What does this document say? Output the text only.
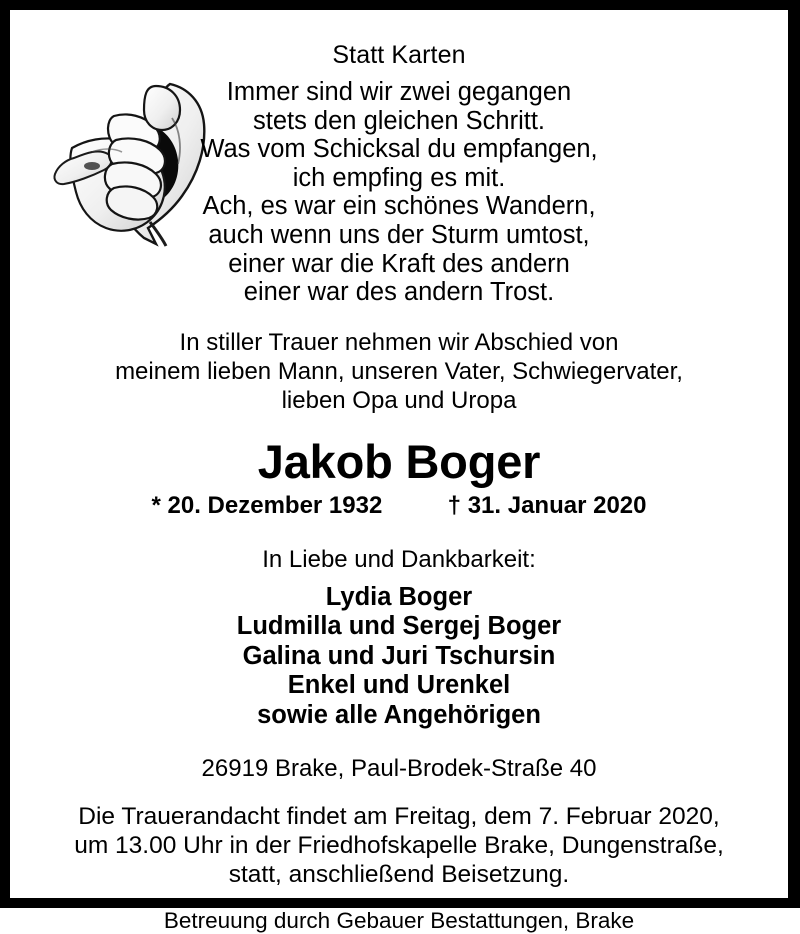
Statt Karten
Immer sind wir zwei gegangen
stets den gleichen Schritt.
Was vom Schicksal du empfangen,
ich empfing es mit.
Ach, es war ein schönes Wandern,
auch wenn uns der Sturm umtost,
einer war die Kraft des andern
einer war des andern Trost.
In stiller Trauer nehmen wir Abschied von
meinem lieben Mann, unseren Vater, Schwiegervater,
lieben Opa und Uropa
Jakob Boger
* 20. Dezember 1932	† 31. Januar 2020
In Liebe und Dankbarkeit:
Lydia Boger
Ludmilla und Sergej Boger
Galina und Juri Tschursin
Enkel und Urenkel
sowie alle Angehörigen
26919 Brake, Paul-Brodek-Straße 40
Die Trauerandacht findet am Freitag, dem 7. Februar 2020,
um 13.00 Uhr in der Friedhofskapelle Brake, Dungenstraße,
statt, anschließend Beisetzung.
Betreuung durch Gebauer Bestattungen, Brake
